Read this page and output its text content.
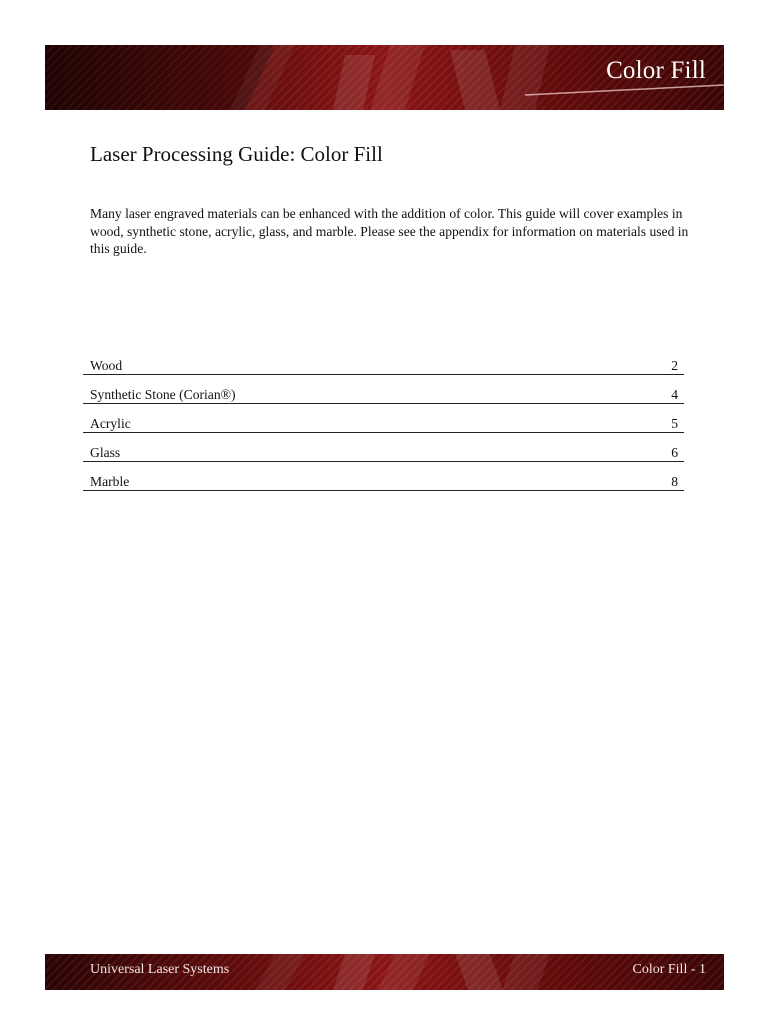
Color Fill
Laser Processing Guide: Color Fill

Many laser engraved materials can be enhanced with the addition of color. This guide will cover examples in wood, synthetic stone, acrylic, glass, and marble. Please see the appendix for information on materials used in this guide.

Wood	2
Synthetic Stone (Corian®)	4
Acrylic	5
Glass	6
Marble	8
Universal Laser Systems	Color Fill - 1
